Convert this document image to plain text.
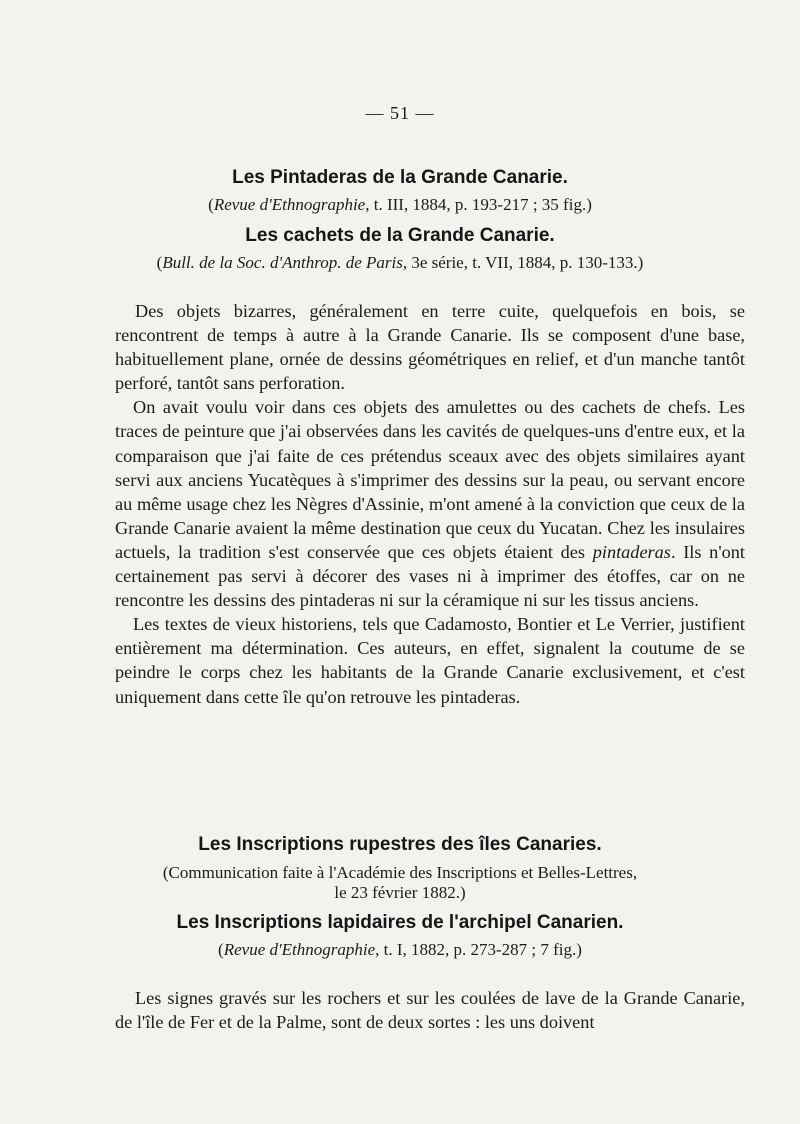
— 51 —
Les Pintaderas de la Grande Canarie.
(Revue d'Ethnographie, t. III, 1884, p. 193-217 ; 35 fig.)
Les cachets de la Grande Canarie.
(Bull. de la Soc. d'Anthrop. de Paris, 3e série, t. VII, 1884, p. 130-133.)

Des objets bizarres, généralement en terre cuite, quelquefois en bois, se rencontrent de temps à autre à la Grande Canarie. Ils se composent d'une base, habituellement plane, ornée de dessins géométriques en relief, et d'un manche tantôt perforé, tantôt sans perforation.

On avait voulu voir dans ces objets des amulettes ou des cachets de chefs. Les traces de peinture que j'ai observées dans les cavités de quelques-uns d'entre eux, et la comparaison que j'ai faite de ces prétendus sceaux avec des objets similaires ayant servi aux anciens Yucatèques à s'imprimer des dessins sur la peau, ou servant encore au même usage chez les Nègres d'Assinie, m'ont amené à la conviction que ceux de la Grande Canarie avaient la même destination que ceux du Yucatan. Chez les insulaires actuels, la tradition s'est conservée que ces objets étaient des pintaderas. Ils n'ont certainement pas servi à décorer des vases ni à imprimer des étoffes, car on ne rencontre les dessins des pintaderas ni sur la céramique ni sur les tissus anciens.

Les textes de vieux historiens, tels que Cadamosto, Bontier et Le Verrier, justifient entièrement ma détermination. Ces auteurs, en effet, signalent la coutume de se peindre le corps chez les habitants de la Grande Canarie exclusivement, et c'est uniquement dans cette île qu'on retrouve les pintaderas.

Les Inscriptions rupestres des îles Canaries.
(Communication faite à l'Académie des Inscriptions et Belles-Lettres,
le 23 février 1882.)
Les Inscriptions lapidaires de l'archipel Canarien.
(Revue d'Ethnographie, t. I, 1882, p. 273-287 ; 7 fig.)

Les signes gravés sur les rochers et sur les coulées de lave de la Grande Canarie, de l'île de Fer et de la Palme, sont de deux sortes : les uns doivent
